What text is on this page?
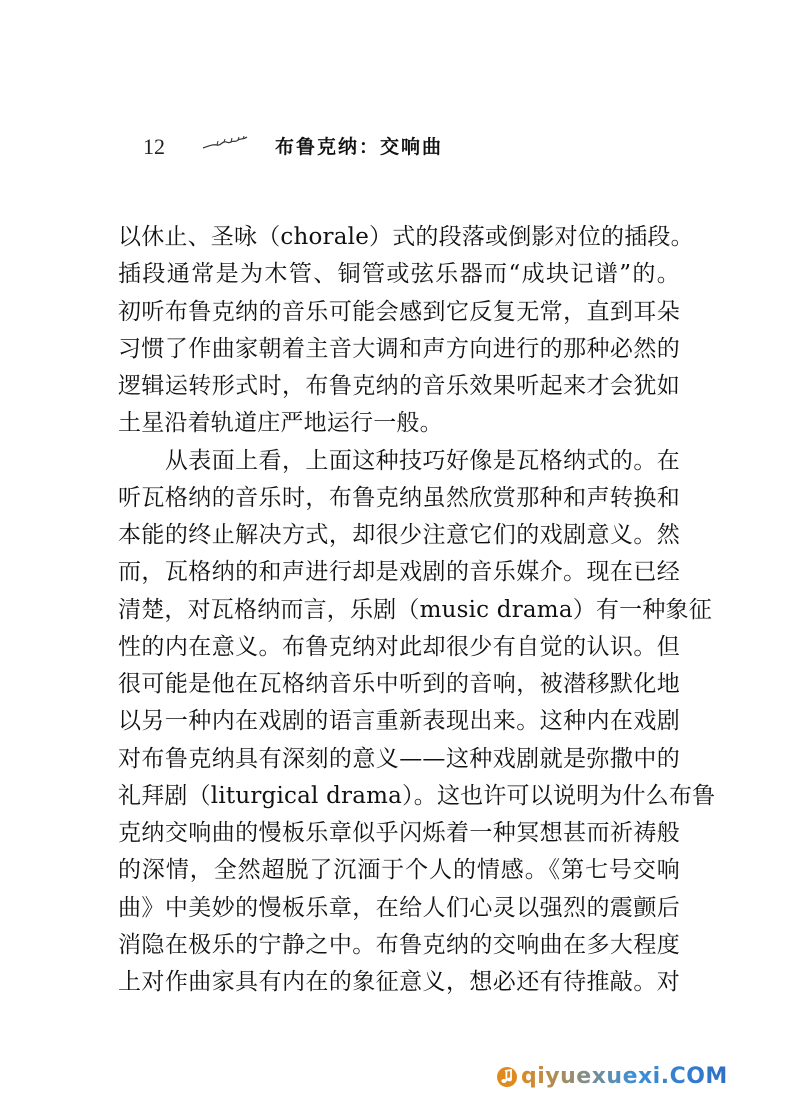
12	布鲁克纳：交响曲
以休止、圣咏（chorale）式的段落或倒影对位的插段。
插段通常是为木管、铜管或弦乐器而“成块记谱”的。
初听布鲁克纳的音乐可能会感到它反复无常，直到耳朵
习惯了作曲家朝着主音大调和声方向进行的那种必然的
逻辑运转形式时，布鲁克纳的音乐效果听起来才会犹如
土星沿着轨道庄严地运行一般。
　　从表面上看，上面这种技巧好像是瓦格纳式的。在
听瓦格纳的音乐时，布鲁克纳虽然欣赏那种和声转换和
本能的终止解决方式，却很少注意它们的戏剧意义。然
而，瓦格纳的和声进行却是戏剧的音乐媒介。现在已经
清楚，对瓦格纳而言，乐剧（music drama）有一种象征
性的内在意义。布鲁克纳对此却很少有自觉的认识。但
很可能是他在瓦格纳音乐中听到的音响，被潜移默化地
以另一种内在戏剧的语言重新表现出来。这种内在戏剧
对布鲁克纳具有深刻的意义——这种戏剧就是弥撒中的
礼拜剧（liturgical drama）。这也许可以说明为什么布鲁
克纳交响曲的慢板乐章似乎闪烁着一种冥想甚而祈祷般
的深情，全然超脱了沉湎于个人的情感。《第七号交响
曲》中美妙的慢板乐章，在给人们心灵以强烈的震颤后
消隐在极乐的宁静之中。布鲁克纳的交响曲在多大程度
上对作曲家具有内在的象征意义，想必还有待推敲。对
qiyuexuexi.COM
